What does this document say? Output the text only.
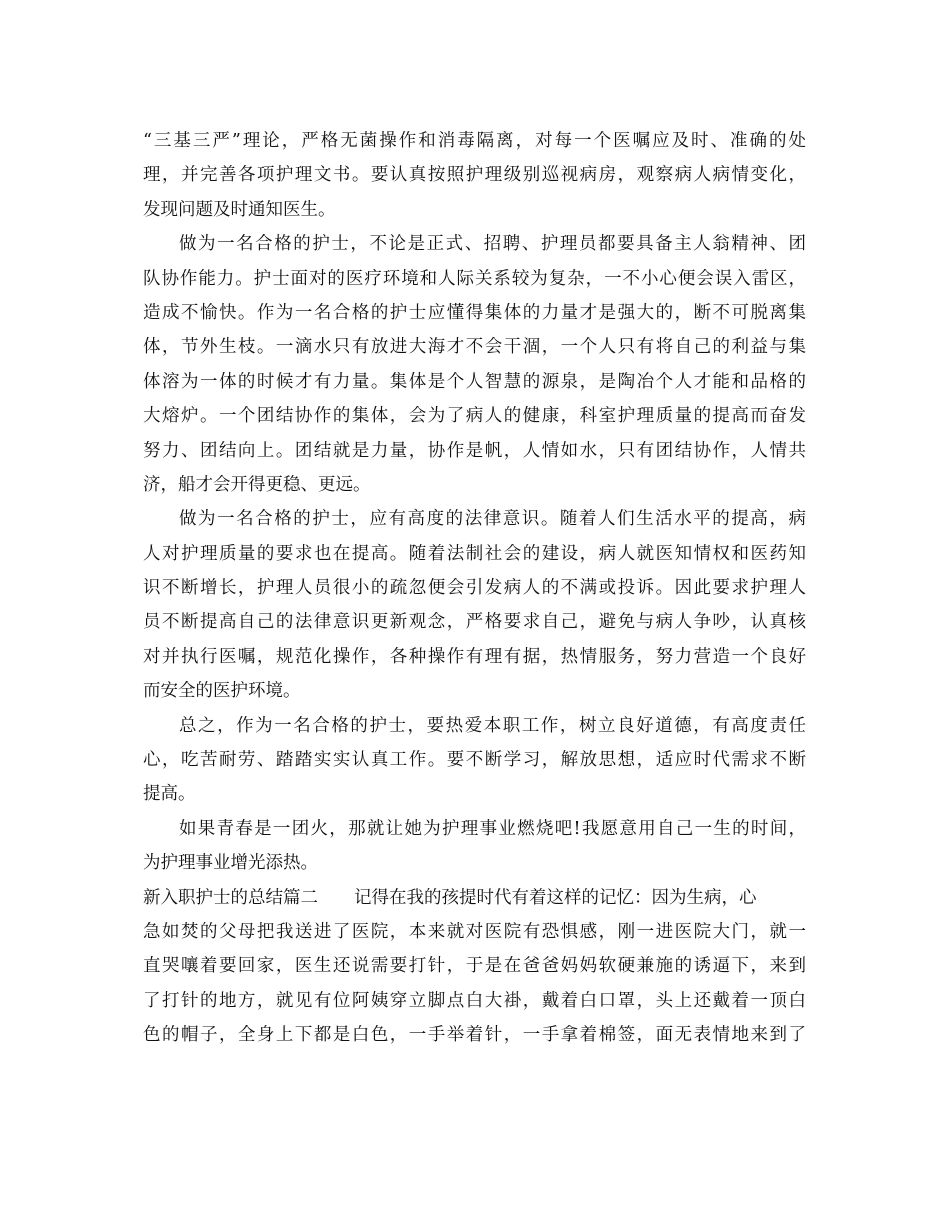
“三基三严”理论，严格无菌操作和消毒隔离，对每一个医嘱应及时、准确的处
理，并完善各项护理文书。要认真按照护理级别巡视病房，观察病人病情变化，
发现问题及时通知医生。
做为一名合格的护士，不论是正式、招聘、护理员都要具备主人翁精神、团
队协作能力。护士面对的医疗环境和人际关系较为复杂，一不小心便会误入雷区，
造成不愉快。作为一名合格的护士应懂得集体的力量才是强大的，断不可脱离集
体，节外生枝。一滴水只有放进大海才不会干涸，一个人只有将自己的利益与集
体溶为一体的时候才有力量。集体是个人智慧的源泉，是陶冶个人才能和品格的
大熔炉。一个团结协作的集体，会为了病人的健康，科室护理质量的提高而奋发
努力、团结向上。团结就是力量，协作是帆，人情如水，只有团结协作，人情共
济，船才会开得更稳、更远。
做为一名合格的护士，应有高度的法律意识。随着人们生活水平的提高，病
人对护理质量的要求也在提高。随着法制社会的建设，病人就医知情权和医药知
识不断增长，护理人员很小的疏忽便会引发病人的不满或投诉。因此要求护理人
员不断提高自己的法律意识更新观念，严格要求自己，避免与病人争吵，认真核
对并执行医嘱，规范化操作，各种操作有理有据，热情服务，努力营造一个良好
而安全的医护环境。
总之，作为一名合格的护士，要热爱本职工作，树立良好道德，有高度责任
心，吃苦耐劳、踏踏实实认真工作。要不断学习，解放思想，适应时代需求不断
提高。
如果青春是一团火，那就让她为护理事业燃烧吧!我愿意用自己一生的时间，
为护理事业增光添热。
新入职护士的总结篇二 记得在我的孩提时代有着这样的记忆：因为生病，心
急如焚的父母把我送进了医院，本来就对医院有恐惧感，刚一进医院大门，就一
直哭嚷着要回家，医生还说需要打针，于是在爸爸妈妈软硬兼施的诱逼下，来到
了打针的地方，就见有位阿姨穿立脚点白大褂，戴着白口罩，头上还戴着一顶白
色的帽子，全身上下都是白色，一手举着针，一手拿着棉签，面无表情地来到了
